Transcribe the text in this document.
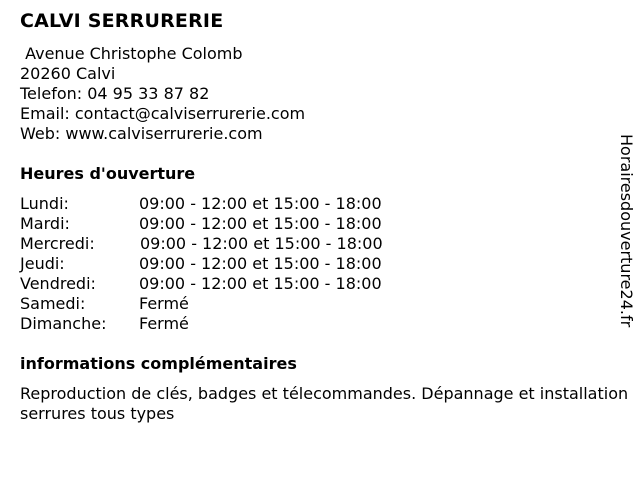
CALVI SERRURERIE
Avenue Christophe Colomb
20260 Calvi
Telefon: 04 95 33 87 82
Email: contact@calviserrurerie.com
Web: www.calviserrurerie.com
Heures d'ouverture
Lundi:	09:00 - 12:00 et 15:00 - 18:00
Mardi:	09:00 - 12:00 et 15:00 - 18:00
Mercredi:	09:00 - 12:00 et 15:00 - 18:00
Jeudi:	09:00 - 12:00 et 15:00 - 18:00
Vendredi:	09:00 - 12:00 et 15:00 - 18:00
Samedi:	Fermé
Dimanche: Fermé
informations complémentaires
Reproduction de clés, badges et télecommandes. Dépannage et installation serrures tous types
Horairesdouverture24.fr
